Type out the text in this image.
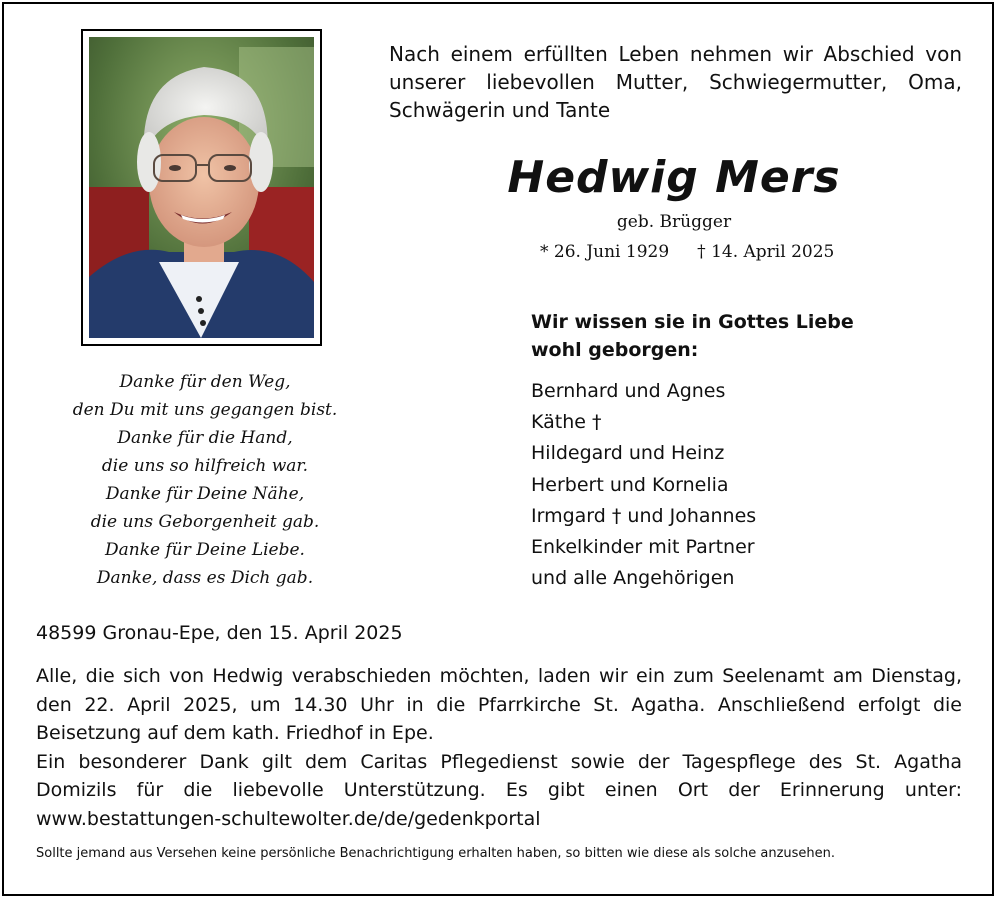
Nach einem erfüllten Leben nehmen wir Abschied von
unserer liebevollen Mutter, Schwiegermutter, Oma,
Schwägerin und Tante

Hedwig Mers

geb. Brügger

* 26. Juni 1929 † 14. April 2025

Danke für den Weg,
den Du mit uns gegangen bist.
Danke für die Hand,
die uns so hilfreich war.
Danke für Deine Nähe,
die uns Geborgenheit gab.
Danke für Deine Liebe.
Danke, dass es Dich gab.

Wir wissen sie in Gottes Liebe
wohl geborgen:

Bernhard und Agnes
Käthe †
Hildegard und Heinz
Herbert und Kornelia
Irmgard † und Johannes
Enkelkinder mit Partner
und alle Angehörigen

48599 Gronau-Epe, den 15. April 2025

Alle, die sich von Hedwig verabschieden möchten, laden wir ein zum Seelenamt am Dienstag,
den 22. April 2025, um 14.30 Uhr in die Pfarrkirche St. Agatha. Anschließend erfolgt die
Beisetzung auf dem kath. Friedhof in Epe.
Ein besonderer Dank gilt dem Caritas Pflegedienst sowie der Tagespflege des St. Agatha
Domizils für die liebevolle Unterstützung. Es gibt einen Ort der Erinnerung unter:
www.bestattungen-schultewolter.de/de/gedenkportal

Sollte jemand aus Versehen keine persönliche Benachrichtigung erhalten haben, so bitten wie diese als solche anzusehen.
